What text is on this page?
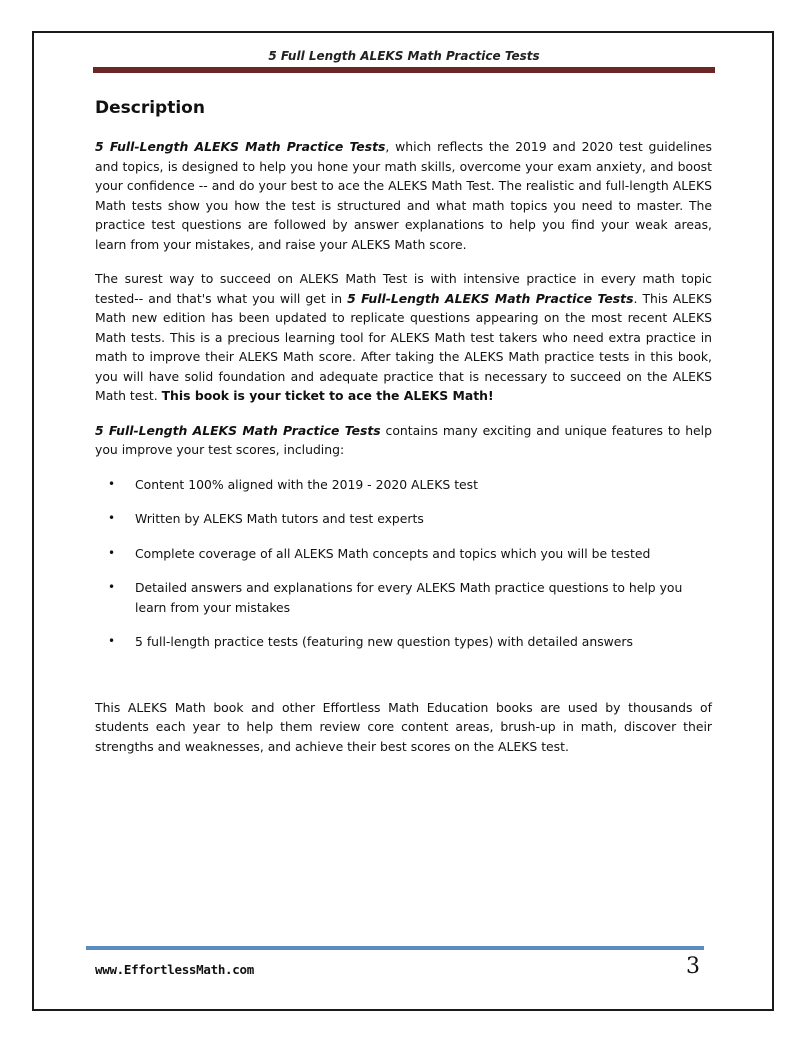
5 Full Length ALEKS Math Practice Tests
Description

5 Full-Length ALEKS Math Practice Tests, which reflects the 2019 and 2020 test guidelines and topics, is designed to help you hone your math skills, overcome your exam anxiety, and boost your confidence -- and do your best to ace the ALEKS Math Test. The realistic and full-length ALEKS Math tests show you how the test is structured and what math topics you need to master. The practice test questions are followed by answer explanations to help you find your weak areas, learn from your mistakes, and raise your ALEKS Math score.

The surest way to succeed on ALEKS Math Test is with intensive practice in every math topic tested-- and that's what you will get in 5 Full-Length ALEKS Math Practice Tests. This ALEKS Math new edition has been updated to replicate questions appearing on the most recent ALEKS Math tests. This is a precious learning tool for ALEKS Math test takers who need extra practice in math to improve their ALEKS Math score. After taking the ALEKS Math practice tests in this book, you will have solid foundation and adequate practice that is necessary to succeed on the ALEKS Math test. This book is your ticket to ace the ALEKS Math!

5 Full-Length ALEKS Math Practice Tests contains many exciting and unique features to help you improve your test scores, including:

• Content 100% aligned with the 2019 - 2020 ALEKS test
• Written by ALEKS Math tutors and test experts
• Complete coverage of all ALEKS Math concepts and topics which you will be tested
• Detailed answers and explanations for every ALEKS Math practice questions to help you learn from your mistakes
• 5 full-length practice tests (featuring new question types) with detailed answers

This ALEKS Math book and other Effortless Math Education books are used by thousands of students each year to help them review core content areas, brush-up in math, discover their strengths and weaknesses, and achieve their best scores on the ALEKS test.

www.EffortlessMath.com	3
